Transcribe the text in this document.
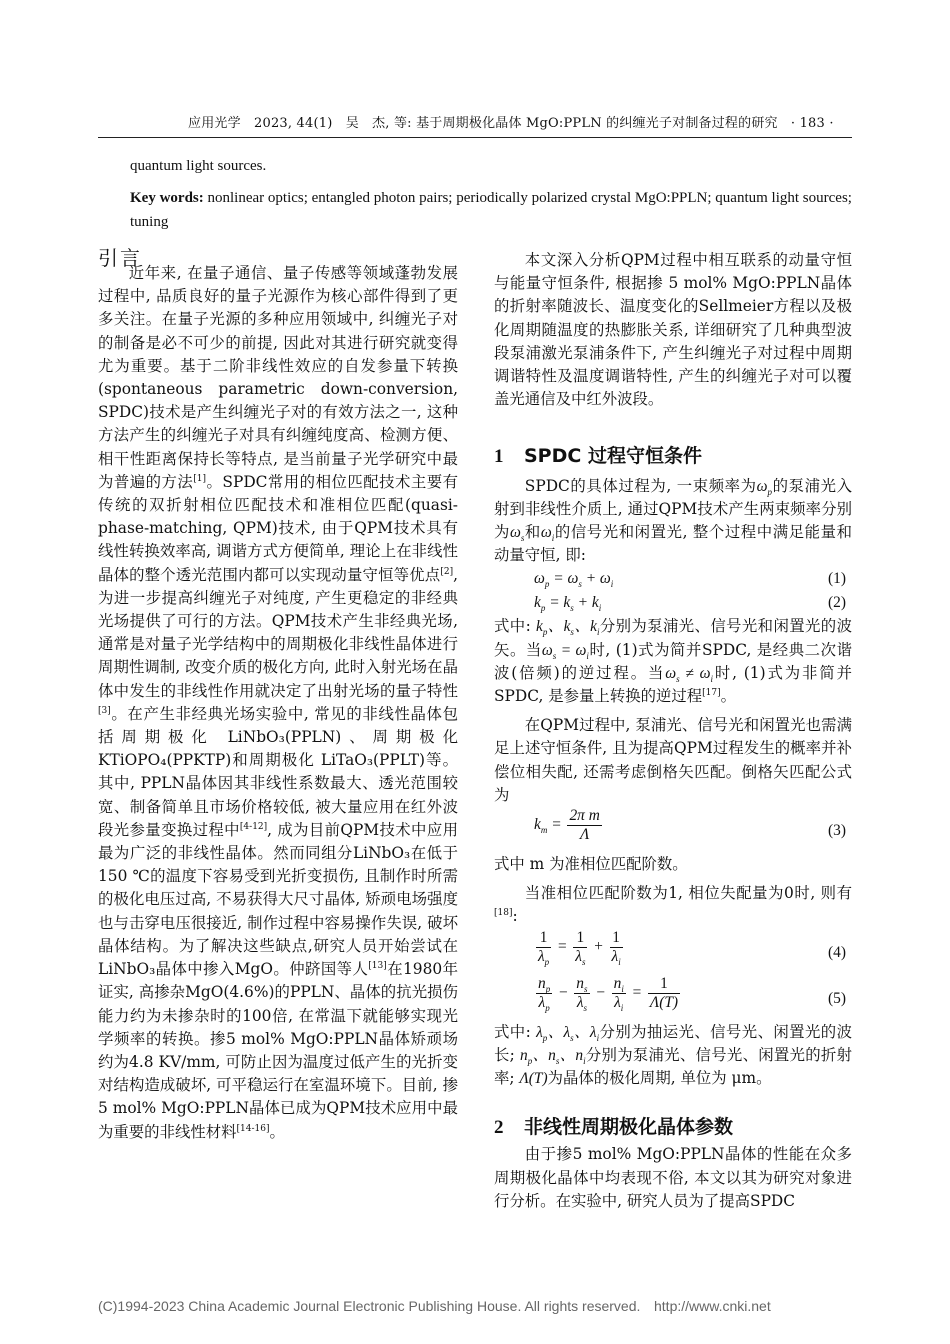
应用光学　2023, 44(1)　吴　杰, 等: 基于周期极化晶体 MgO:PPLN 的纠缠光子对制备过程的研究　· 183 ·
quantum light sources.
Key words: nonlinear optics; entangled photon pairs; periodically polarized crystal MgO:PPLN; quantum light sources; tuning
引言

近年来, 在量子通信、量子传感等领域蓬勃发展过程中, 品质良好的量子光源作为核心部件得到了更多关注。在量子光源的多种应用领域中, 纠缠光子对的制备是必不可少的前提, 因此对其进行研究就变得尤为重要。基于二阶非线性效应的自发参量下转换(spontaneous parametric down-conversion, SPDC)技术是产生纠缠光子对的有效方法之一, 这种方法产生的纠缠光子对具有纠缠纯度高、检测方便、相干性距离保持长等特点, 是当前量子光学研究中最为普遍的方法[1]。SPDC常用的相位匹配技术主要有传统的双折射相位匹配技术和准相位匹配(quasi-phase-matching, QPM)技术, 由于QPM技术具有线性转换效率高, 调谐方式方便简单, 理论上在非线性晶体的整个透光范围内都可以实现动量守恒等优点[2], 为进一步提高纠缠光子对纯度, 产生更稳定的非经典光场提供了可行的方法。QPM技术产生非经典光场, 通常是对量子光学结构中的周期极化非线性晶体进行周期性调制, 改变介质的极化方向, 此时入射光场在晶体中发生的非线性作用就决定了出射光场的量子特性[3]。在产生非经典光场实验中, 常见的非线性晶体包括周期极化 LiNbO₃(PPLN)、周期极化 KTiOPO₄(PPKTP)和周期极化 LiTaO₃(PPLT)等。其中, PPLN晶体因其非线性系数最大、透光范围较宽、制备简单且市场价格较低, 被大量应用在红外波段光参量变换过程中[4-12], 成为目前QPM技术中应用最为广泛的非线性晶体。然而同组分LiNbO₃在低于150 ℃的温度下容易受到光折变损伤, 且制作时所需的极化电压过高, 不易获得大尺寸晶体, 矫顽电场强度也与击穿电压很接近, 制作过程中容易操作失误, 破坏晶体结构。为了解决这些缺点,研究人员开始尝试在LiNbO₃晶体中掺入MgO。仲跻国等人[13]在1980年证实, 高掺杂MgO(4.6%)的PPLN、晶体的抗光损伤能力约为未掺杂时的100倍, 在常温下就能够实现光学频率的转换。掺5 mol% MgO:PPLN晶体矫顽场约为4.8 KV/mm, 可防止因为温度过低产生的光折变对结构造成破坏, 可平稳运行在室温环境下。目前, 掺 5 mol% MgO:PPLN晶体已成为QPM技术应用中最为重要的非线性材料[14-16]。

本文深入分析QPM过程中相互联系的动量守恒与能量守恒条件, 根据掺 5 mol% MgO:PPLN晶体的折射率随波长、温度变化的Sellmeier方程以及极化周期随温度的热膨胀关系, 详细研究了几种典型波段泵浦激光泵浦条件下, 产生纠缠光子对过程中周期调谐特性及温度调谐特性, 产生的纠缠光子对可以覆盖光通信及中红外波段。

1 SPDC 过程守恒条件

SPDC的具体过程为, 一束频率为$\omega_p$的泵浦光入射到非线性介质上, 通过QPM技术产生两束频率分别为$\omega_s$和$\omega_i$的信号光和闲置光, 整个过程中满足能量和动量守恒, 即:

$\omega_p = \omega_s + \omega_i$	(1)
$k_p = k_s + k_i$	(2)

式中: $k_p$、$k_s$、$k_i$分别为泵浦光、信号光和闲置光的波矢。当$\omega_s = \omega_i$时, (1)式为简并SPDC, 是经典二次谐波(倍频)的逆过程。当$\omega_s \ne \omega_i$时, (1)式为非简并SPDC, 是参量上转换的逆过程[17]。

在QPM过程中, 泵浦光、信号光和闲置光也需满足上述守恒条件, 且为提高QPM过程发生的概率并补偿位相失配, 还需考虑倒格矢匹配。倒格矢匹配公式为

$k_m = \frac{\text{2π m}}{\Lambda}$	(3)

式中 m 为准相位匹配阶数。

当准相位匹配阶数为1, 相位失配量为0时, 则有[18]:

$\frac{1}{\lambda_p} = \frac{1}{\lambda_s} + \frac{1}{\lambda_i}$	(4)
$\frac{n_p}{\lambda_p} - \frac{n_s}{\lambda_s} - \frac{n_i}{\lambda_i} = \frac{1}{\Lambda(T)}$	(5)

式中: $\lambda_p$、$\lambda_s$、$\lambda_i$分别为抽运光、信号光、闲置光的波长; $n_p$、$n_s$、$n_i$分别为泵浦光、信号光、闲置光的折射率; Λ(T)为晶体的极化周期, 单位为 μm。

2 非线性周期极化晶体参数

由于掺5 mol% MgO:PPLN晶体的性能在众多周期极化晶体中均表现不俗, 本文以其为研究对象进行分析。在实验中, 研究人员为了提高SPDC

(C)1994-2023 China Academic Journal Electronic Publishing House. All rights reserved. http://www.cnki.net
